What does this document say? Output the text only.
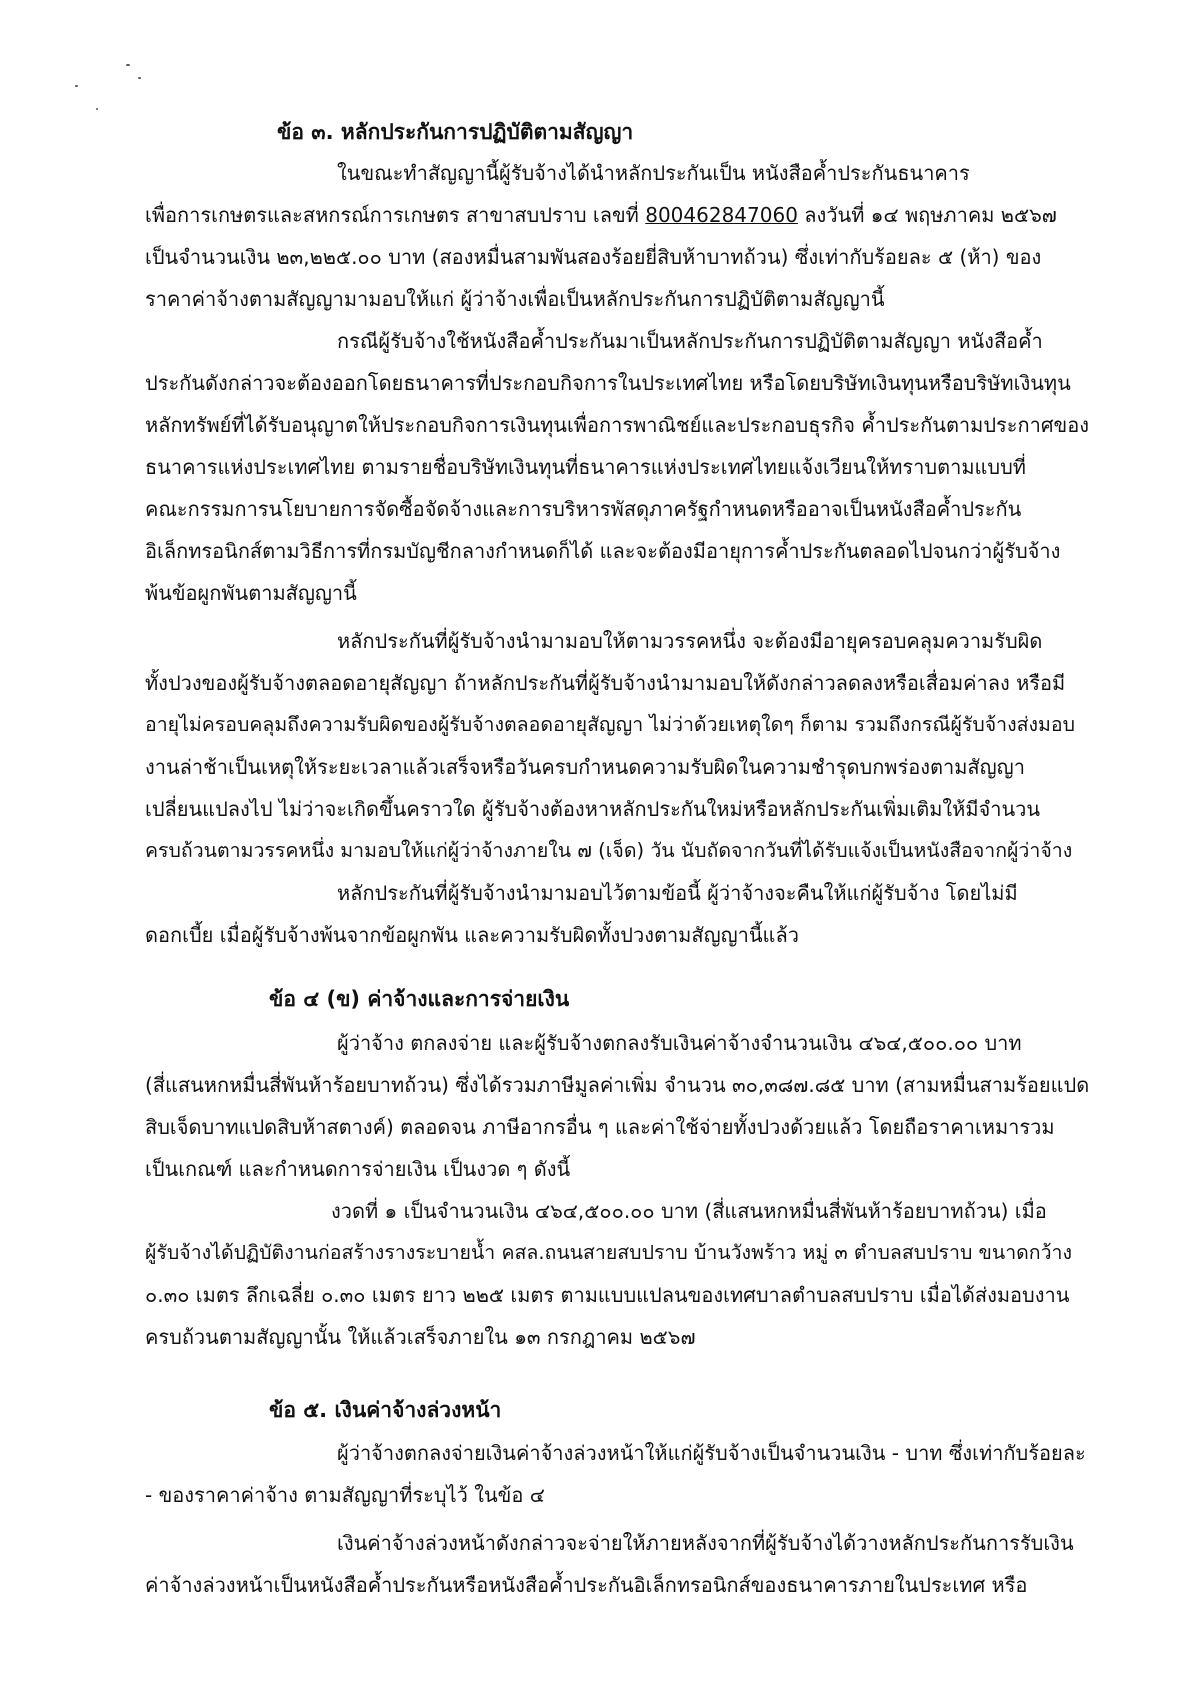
ข้อ ๓. หลักประกันการปฏิบัติตามสัญญา
ในขณะทำสัญญานี้ผู้รับจ้างได้นำหลักประกันเป็น หนังสือค้ำประกันธนาคาร
เพื่อการเกษตรและสหกรณ์การเกษตร สาขาสบปราบ เลขที่ 800462847060 ลงวันที่ ๑๔ พฤษภาคม ๒๕๖๗
เป็นจำนวนเงิน ๒๓,๒๒๕.๐๐ บาท (สองหมื่นสามพันสองร้อยยี่สิบห้าบาทถ้วน) ซึ่งเท่ากับร้อยละ ๕ (ห้า) ของ
ราคาค่าจ้างตามสัญญามามอบให้แก่ ผู้ว่าจ้างเพื่อเป็นหลักประกันการปฏิบัติตามสัญญานี้
กรณีผู้รับจ้างใช้หนังสือค้ำประกันมาเป็นหลักประกันการปฏิบัติตามสัญญา หนังสือค้ำ
ประกันดังกล่าวจะต้องออกโดยธนาคารที่ประกอบกิจการในประเทศไทย หรือโดยบริษัทเงินทุนหรือบริษัทเงินทุน
หลักทรัพย์ที่ได้รับอนุญาตให้ประกอบกิจการเงินทุนเพื่อการพาณิชย์และประกอบธุรกิจ ค้ำประกันตามประกาศของ
ธนาคารแห่งประเทศไทย ตามรายชื่อบริษัทเงินทุนที่ธนาคารแห่งประเทศไทยแจ้งเวียนให้ทราบตามแบบที่
คณะกรรมการนโยบายการจัดซื้อจัดจ้างและการบริหารพัสดุภาครัฐกำหนดหรืออาจเป็นหนังสือค้ำประกัน
อิเล็กทรอนิกส์ตามวิธีการที่กรมบัญชีกลางกำหนดก็ได้ และจะต้องมีอายุการค้ำประกันตลอดไปจนกว่าผู้รับจ้าง
พ้นข้อผูกพันตามสัญญานี้
หลักประกันที่ผู้รับจ้างนำมามอบให้ตามวรรคหนึ่ง จะต้องมีอายุครอบคลุมความรับผิด
ทั้งปวงของผู้รับจ้างตลอดอายุสัญญา ถ้าหลักประกันที่ผู้รับจ้างนำมามอบให้ดังกล่าวลดลงหรือเสื่อมค่าลง หรือมี
อายุไม่ครอบคลุมถึงความรับผิดของผู้รับจ้างตลอดอายุสัญญา ไม่ว่าด้วยเหตุใดๆ ก็ตาม รวมถึงกรณีผู้รับจ้างส่งมอบ
งานล่าช้าเป็นเหตุให้ระยะเวลาแล้วเสร็จหรือวันครบกำหนดความรับผิดในความชำรุดบกพร่องตามสัญญา
เปลี่ยนแปลงไป ไม่ว่าจะเกิดขึ้นคราวใด ผู้รับจ้างต้องหาหลักประกันใหม่หรือหลักประกันเพิ่มเติมให้มีจำนวน
ครบถ้วนตามวรรคหนึ่ง มามอบให้แก่ผู้ว่าจ้างภายใน ๗ (เจ็ด) วัน นับถัดจากวันที่ได้รับแจ้งเป็นหนังสือจากผู้ว่าจ้าง
หลักประกันที่ผู้รับจ้างนำมามอบไว้ตามข้อนี้ ผู้ว่าจ้างจะคืนให้แก่ผู้รับจ้าง โดยไม่มี
ดอกเบี้ย เมื่อผู้รับจ้างพ้นจากข้อผูกพัน และความรับผิดทั้งปวงตามสัญญานี้แล้ว
ข้อ ๔ (ข) ค่าจ้างและการจ่ายเงิน
ผู้ว่าจ้าง ตกลงจ่าย และผู้รับจ้างตกลงรับเงินค่าจ้างจำนวนเงิน ๔๖๔,๕๐๐.๐๐ บาท
(สี่แสนหกหมื่นสี่พันห้าร้อยบาทถ้วน) ซึ่งได้รวมภาษีมูลค่าเพิ่ม จำนวน ๓๐,๓๘๗.๘๕ บาท (สามหมื่นสามร้อยแปด
สิบเจ็ดบาทแปดสิบห้าสตางค์) ตลอดจน ภาษีอากรอื่น ๆ และค่าใช้จ่ายทั้งปวงด้วยแล้ว โดยถือราคาเหมารวม
เป็นเกณฑ์ และกำหนดการจ่ายเงิน เป็นงวด ๆ ดังนี้
งวดที่ ๑ เป็นจำนวนเงิน ๔๖๔,๕๐๐.๐๐ บาท (สี่แสนหกหมื่นสี่พันห้าร้อยบาทถ้วน) เมื่อ
ผู้รับจ้างได้ปฏิบัติงานก่อสร้างรางระบายน้ำ คสล.ถนนสายสบปราบ บ้านวังพร้าว หมู่ ๓ ตำบลสบปราบ ขนาดกว้าง
๐.๓๐ เมตร ลึกเฉลี่ย ๐.๓๐ เมตร ยาว ๒๒๕ เมตร ตามแบบแปลนของเทศบาลตำบลสบปราบ เมื่อได้ส่งมอบงาน
ครบถ้วนตามสัญญานั้น ให้แล้วเสร็จภายใน ๑๓ กรกฎาคม ๒๕๖๗
ข้อ ๕. เงินค่าจ้างล่วงหน้า
ผู้ว่าจ้างตกลงจ่ายเงินค่าจ้างล่วงหน้าให้แก่ผู้รับจ้างเป็นจำนวนเงิน - บาท ซึ่งเท่ากับร้อยละ
- ของราคาค่าจ้าง ตามสัญญาที่ระบุไว้ ในข้อ ๔
เงินค่าจ้างล่วงหน้าดังกล่าวจะจ่ายให้ภายหลังจากที่ผู้รับจ้างได้วางหลักประกันการรับเงิน
ค่าจ้างล่วงหน้าเป็นหนังสือค้ำประกันหรือหนังสือค้ำประกันอิเล็กทรอนิกส์ของธนาคารภายในประเทศ หรือ
